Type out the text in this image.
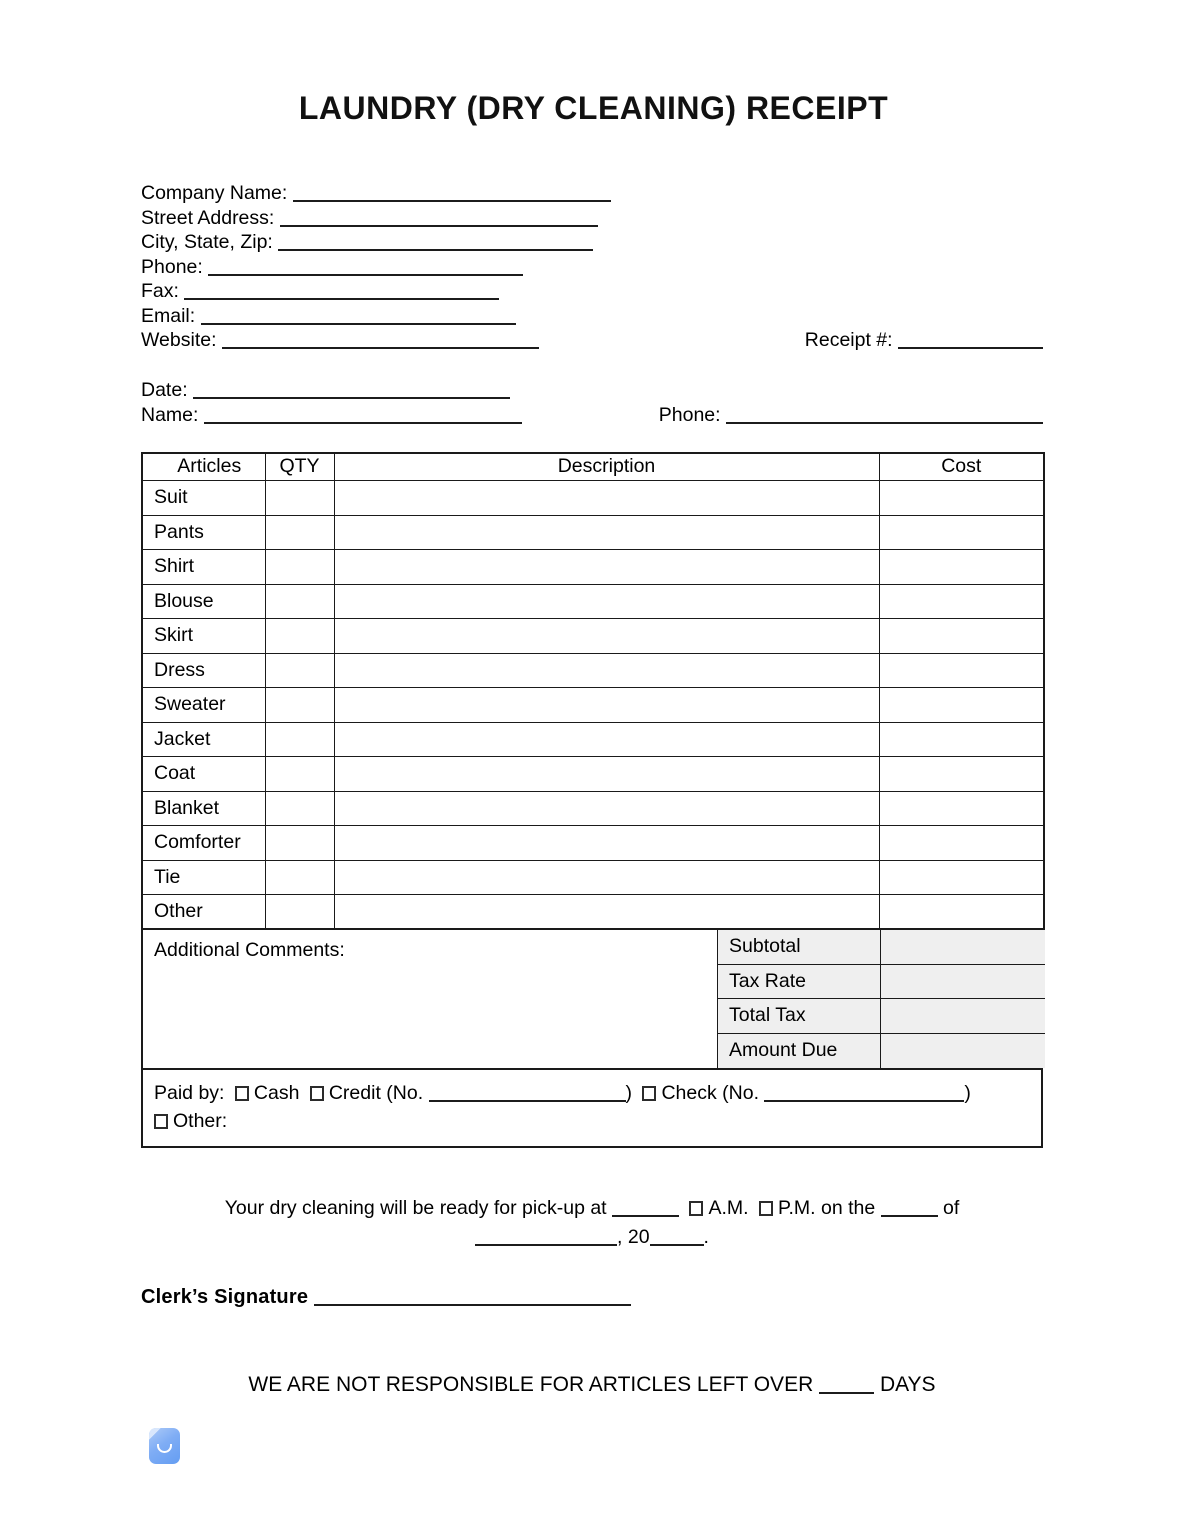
LAUNDRY (DRY CLEANING) RECEIPT
Company Name:
Street Address:
City, State, Zip:
Phone:
Fax:
Email:
Website:	Receipt #:
Date:
Name:	Phone:
Articles	QTY	Description	Cost
Suit			
Pants			
Shirt			
Blouse			
Skirt			
Dress			
Sweater			
Jacket			
Coat			
Blanket			
Comforter			
Tie			
Other			
Additional Comments:	Subtotal
Tax Rate
Total Tax
Amount Due
Paid by: Cash Credit (No.	) Check (No.	)
Other:
Your dry cleaning will be ready for pick-up at	A.M. P.M. on the	of
, 20	.
Clerk’s Signature
WE ARE NOT RESPONSIBLE FOR ARTICLES LEFT OVER	DAYS
